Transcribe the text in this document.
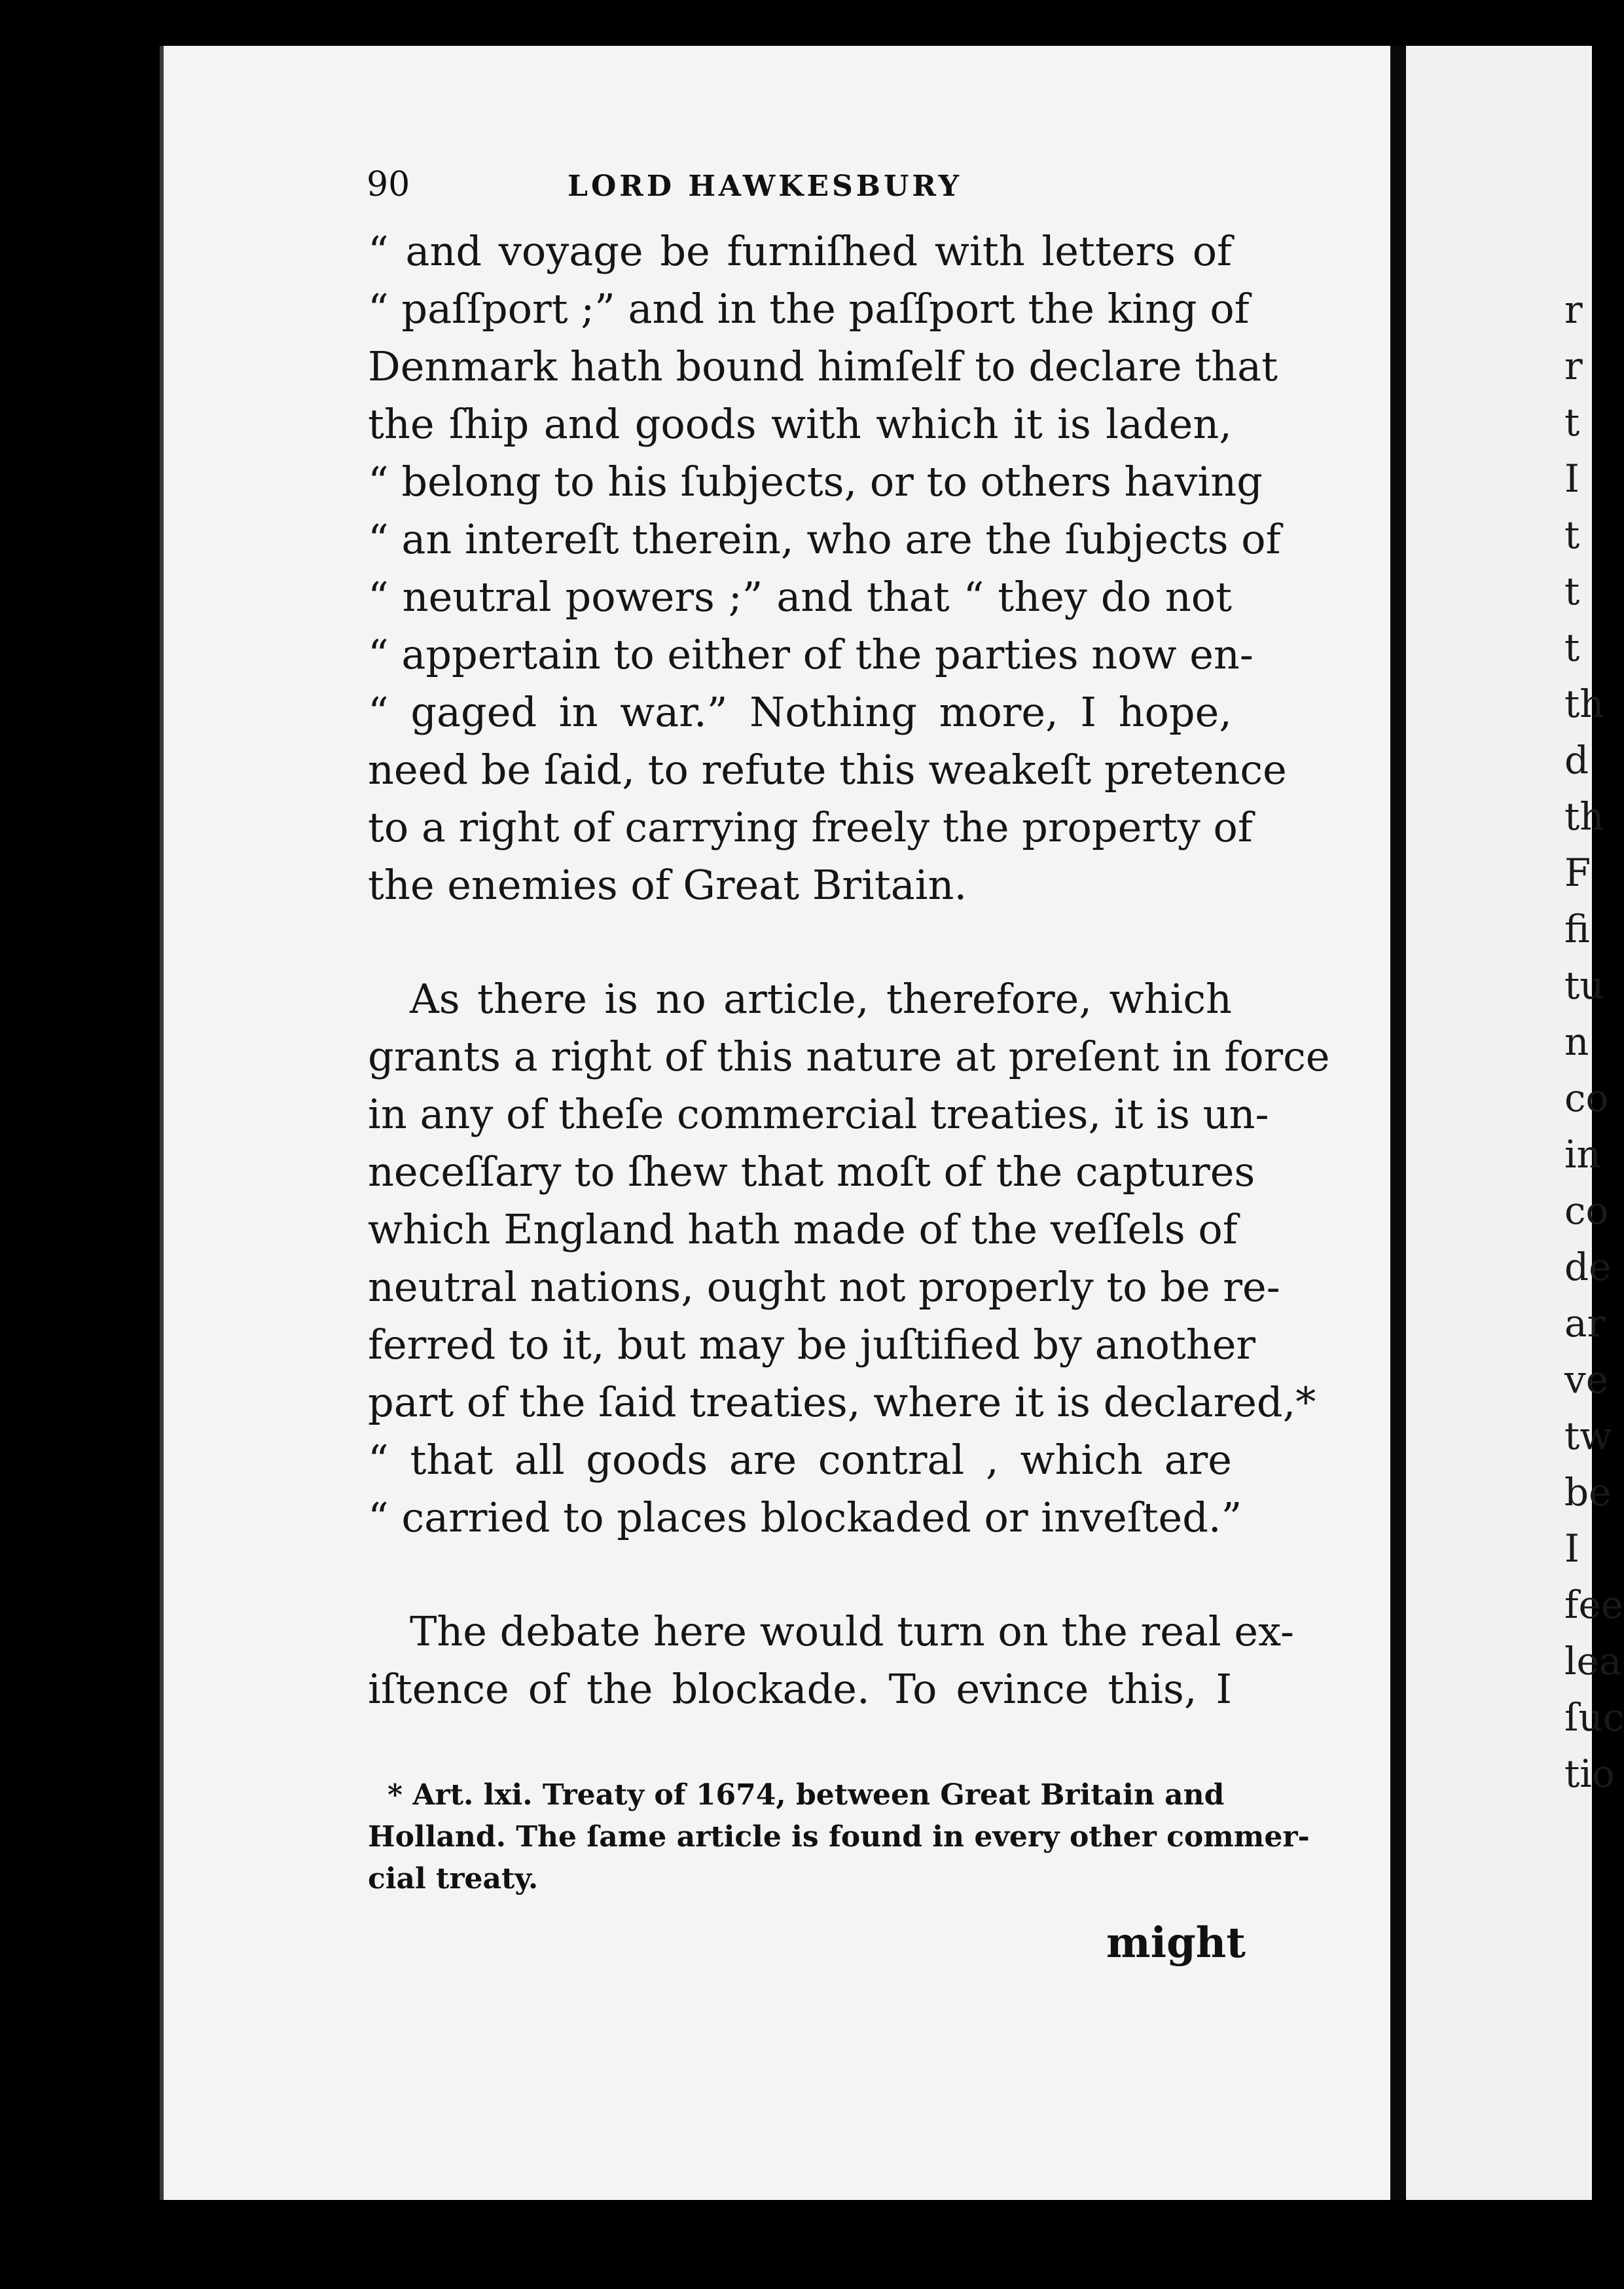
90	LORD HAWKESBURY
“ and voyage be furniſhed with letters of
“ paſſport ;” and in the paſſport the king of
Denmark hath bound himſelf to declare that
the ſhip and goods with which it is laden,
“ belong to his ſubjects, or to others having
“ an intereſt therein, who are the ſubjects of
“ neutral powers ;” and that “ they do not
“ appertain to either of the parties now en-
“ gaged in war.” Nothing more, I hope,
need be ſaid, to refute this weakeſt pretence
to a right of carrying freely the property of
the enemies of Great Britain.
As there is no article, therefore, which
grants a right of this nature at preſent in force
in any of theſe commercial treaties, it is un-
neceſſary to ſhew that moſt of the captures
which England hath made of the veſſels of
neutral nations, ought not properly to be re-
ferred to it, but may be juſtified by another
part of the ſaid treaties, where it is declared,*
“ that all goods are contral , which are
“ carried to places blockaded or inveſted.”
The debate here would turn on the real ex-
iſtence of the blockade. To evince this, I
* Art. lxi. Treaty of 1674, between Great Britain and
Holland. The ſame article is found in every other commer-
cial treaty.
might
r
r
t
I
t
t
t
th
d
th
F
fi
tu
n
co
in
co
de
ar
ve
tw
be
I
fee
lea
ſuc
tio
